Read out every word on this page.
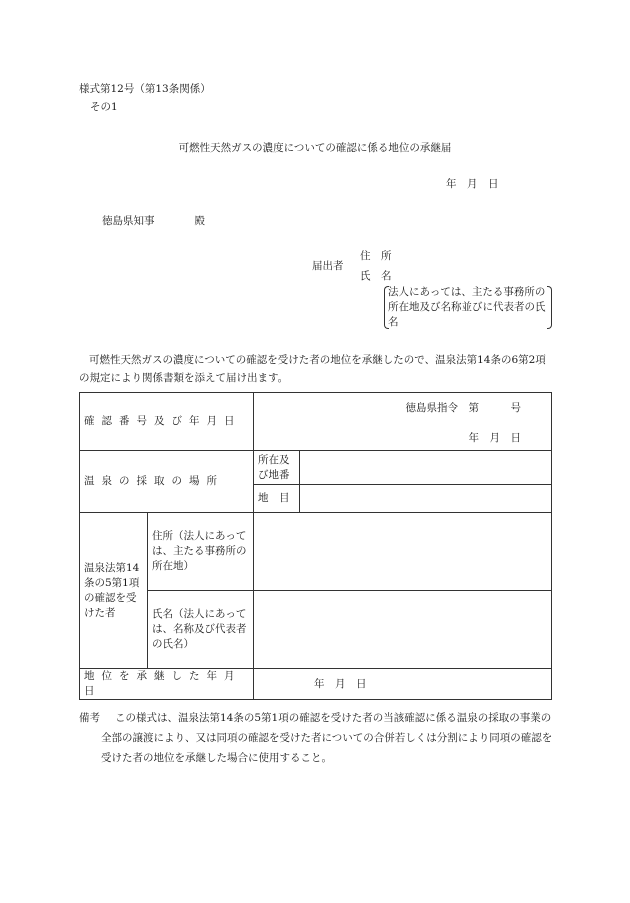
様式第12号（第13条関係）
その1
可燃性天然ガスの濃度についての確認に係る地位の承継届
年　月　日
徳島県知事	殿
届出者
住　所
氏　名
法人にあっては、主たる事務所の所在地及び名称並びに代表者の氏名
可燃性天然ガスの濃度についての確認を受けた者の地位を承継したので、温泉法第14条の6第2項の規定により関係書類を添えて届け出ます。
確認番号及び年月日		徳島県指令　第　　　号
年　月　日	

温泉の採取の場所		所在及び地番	
		地　目	
温泉法第14条の5第1項の確認を受けた者	住所（法人にあっては、主たる事務所の所在地）		
	氏名（法人にあっては、名称及び代表者の氏名）		
地位を承継した年月日		年　月　日	
備考	この様式は、温泉法第14条の5第1項の確認を受けた者の当該確認に係る温泉の採取の事業の全部の譲渡により、又は同項の確認を受けた者についての合併若しくは分割により同項の確認を受けた者の地位を承継した場合に使用すること。
